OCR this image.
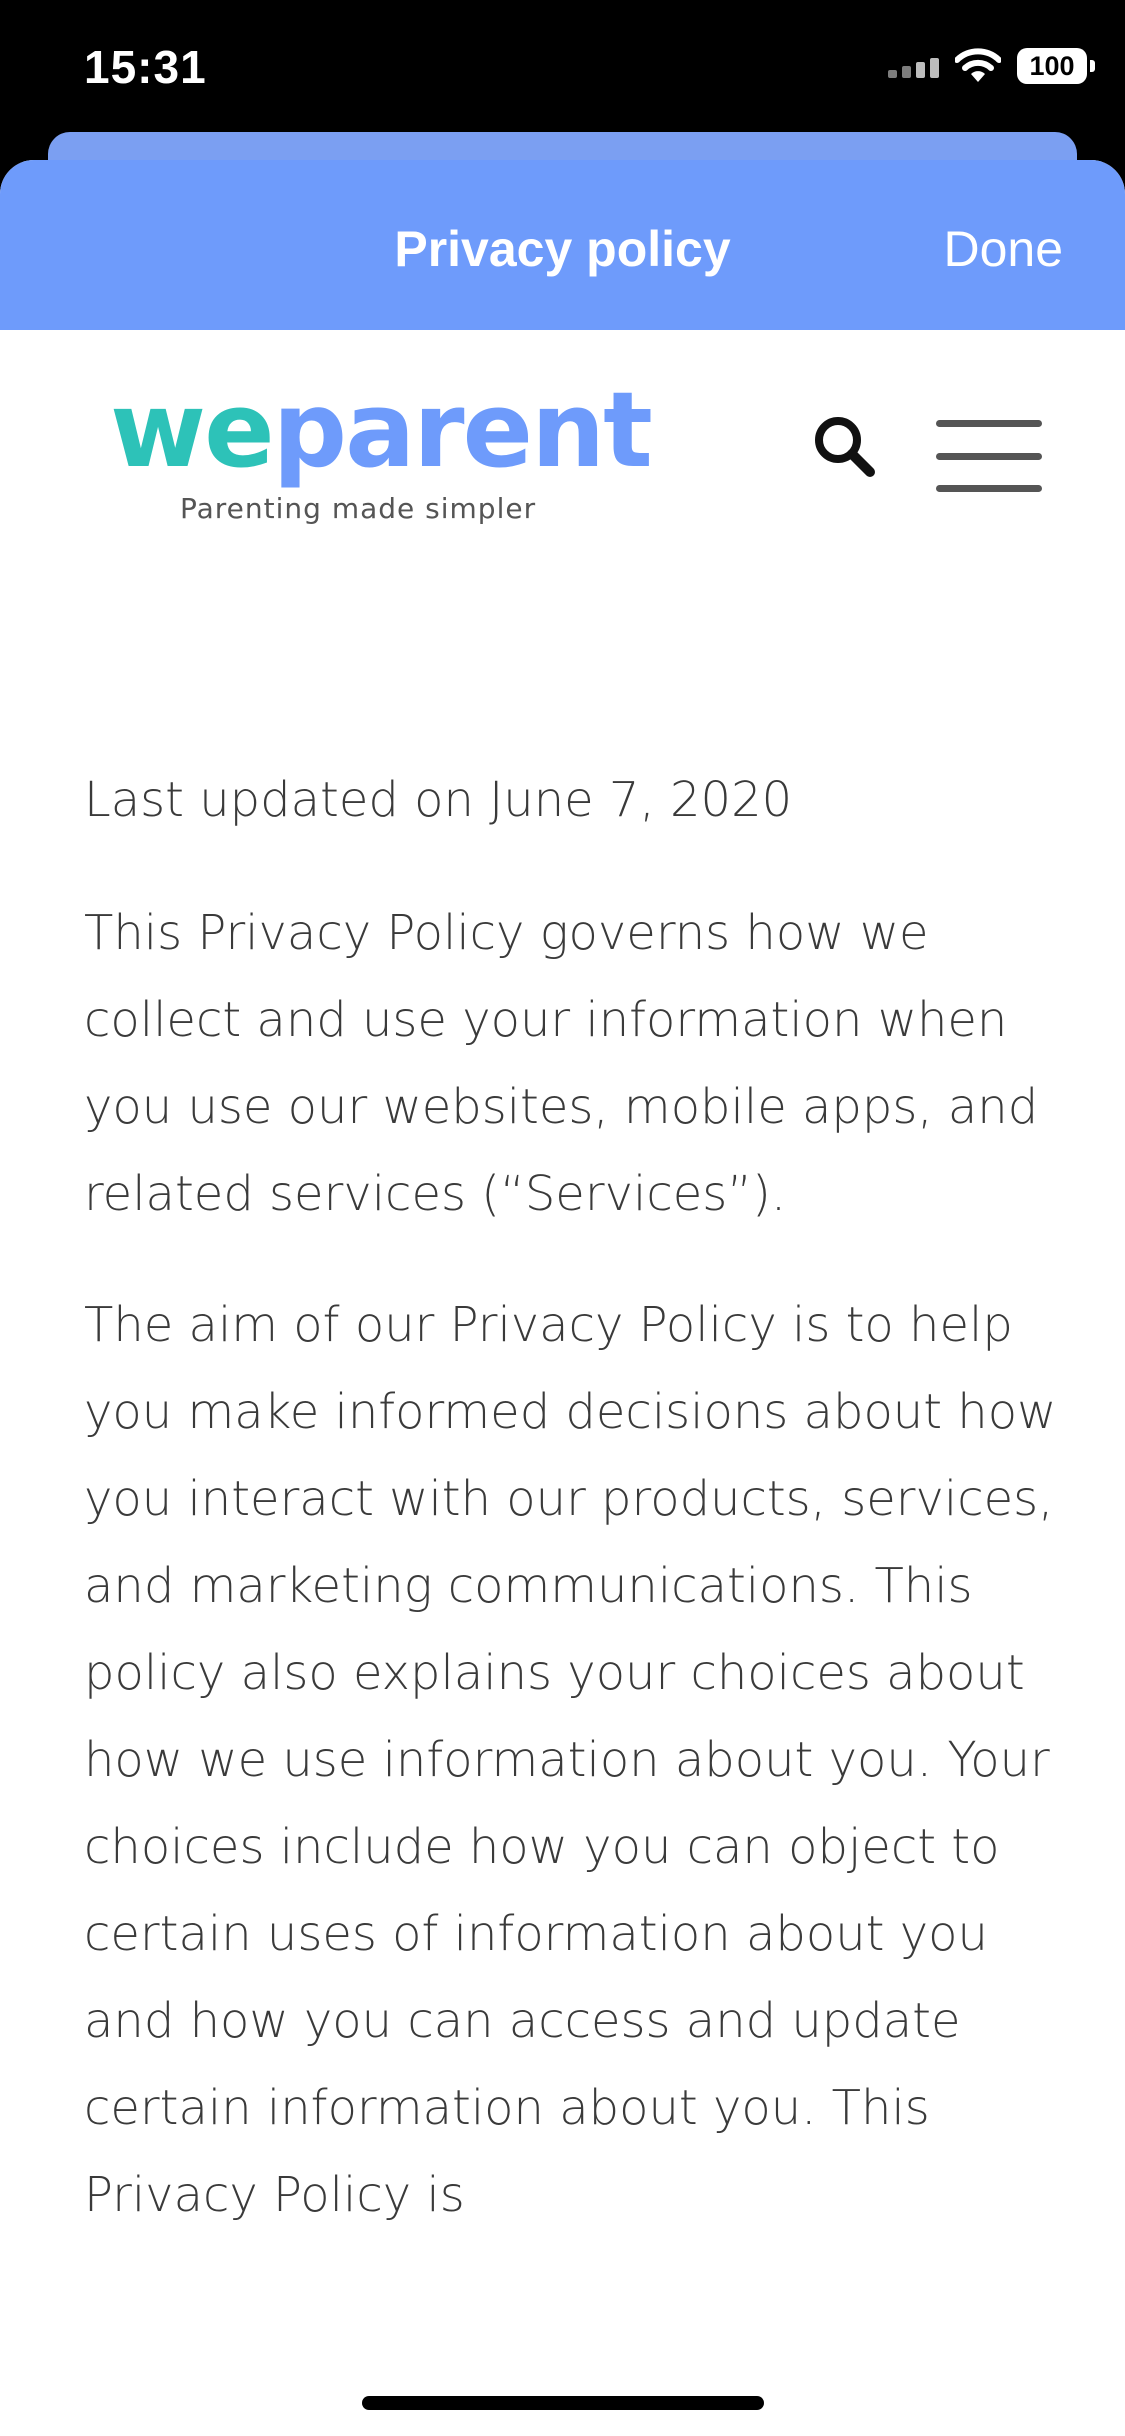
15:31	100
Privacy policy	Done
weparent
Parenting made simpler

Last updated on June 7, 2020

This Privacy Policy governs how we collect and use your information when you use our websites, mobile apps, and related services (“Services”).

The aim of our Privacy Policy is to help you make informed decisions about how you interact with our products, services, and marketing communications. This policy also explains your choices about how we use information about you. Your choices include how you can object to certain uses of information about you and how you can access and update certain information about you. This Privacy Policy is
